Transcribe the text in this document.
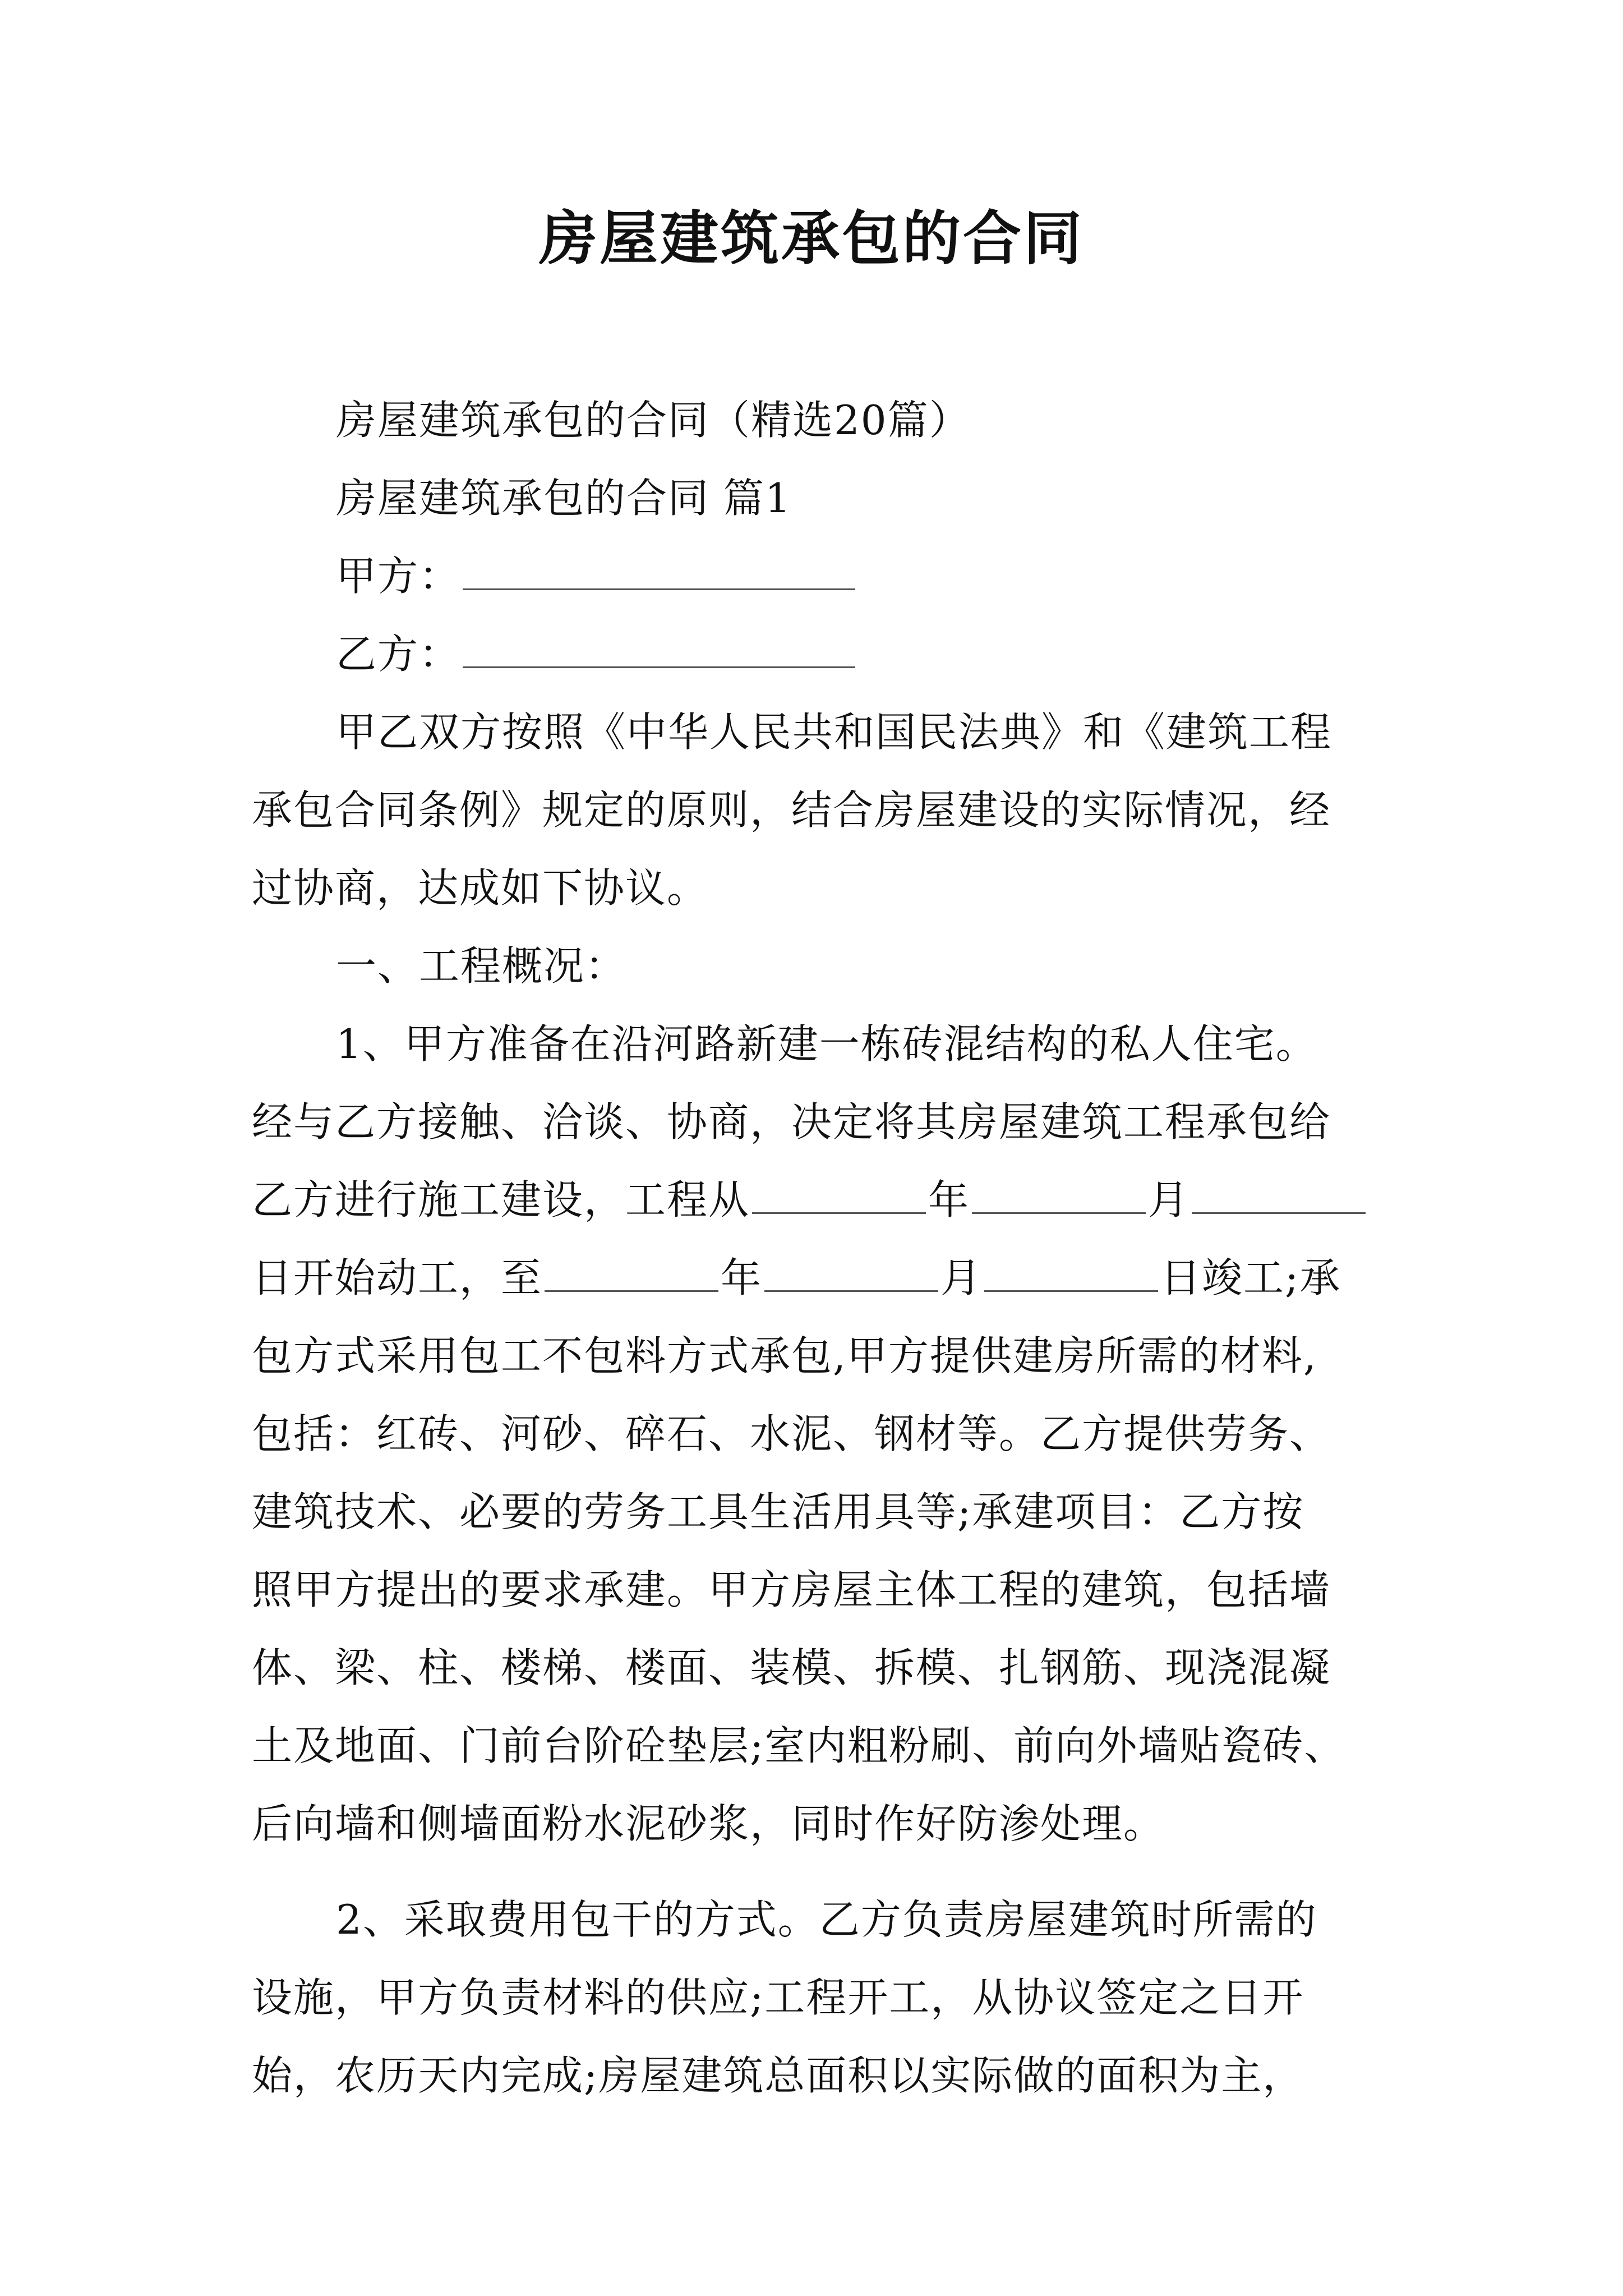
房屋建筑承包的合同
房屋建筑承包的合同（精选20篇）
房屋建筑承包的合同 篇1
甲方：
乙方：
甲乙双方按照《中华人民共和国民法典》和《建筑工程
承包合同条例》规定的原则，结合房屋建设的实际情况，经
过协商，达成如下协议。
一、工程概况：
1、甲方准备在沿河路新建一栋砖混结构的私人住宅。
经与乙方接触、洽谈、协商，决定将其房屋建筑工程承包给
乙方进行施工建设，工程从	年	月
日开始动工，至	年	月	日竣工;承
包方式采用包工不包料方式承包,甲方提供建房所需的材料,
包括：红砖、河砂、碎石、水泥、钢材等。乙方提供劳务、
建筑技术、必要的劳务工具生活用具等;承建项目：乙方按
照甲方提出的要求承建。甲方房屋主体工程的建筑，包括墙
体、梁、柱、楼梯、楼面、装模、拆模、扎钢筋、现浇混凝
土及地面、门前台阶砼垫层;室内粗粉刷、前向外墙贴瓷砖、
后向墙和侧墙面粉水泥砂浆，同时作好防渗处理。
2、采取费用包干的方式。乙方负责房屋建筑时所需的
设施，甲方负责材料的供应;工程开工，从协议签定之日开
始，农历天内完成;房屋建筑总面积以实际做的面积为主，
